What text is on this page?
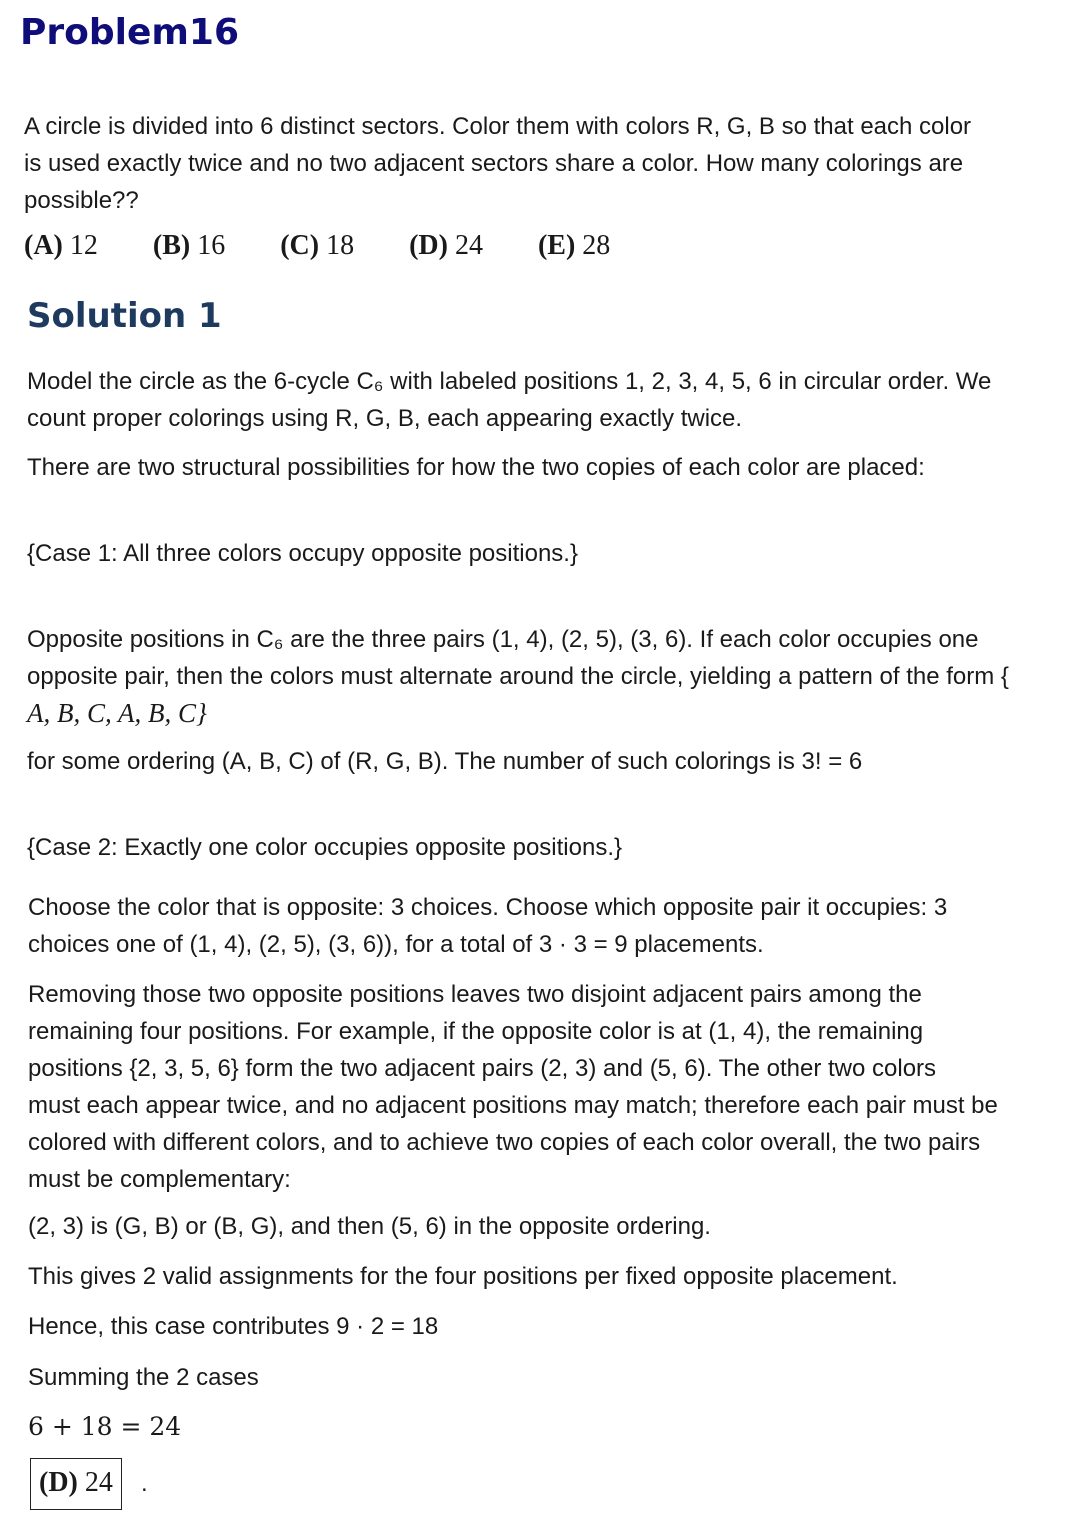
Problem16
A circle is divided into 6 distinct sectors. Color them with colors R, G, B so that each color
is used exactly twice and no two adjacent sectors share a color. How many colorings are
possible??
(A) 12 (B) 16 (C) 18 (D) 24 (E) 28
Solution 1
Model the circle as the 6-cycle C₆ with labeled positions 1, 2, 3, 4, 5, 6 in circular order. We
count proper colorings using R, G, B, each appearing exactly twice.
There are two structural possibilities for how the two copies of each color are placed:
{Case 1: All three colors occupy opposite positions.}
Opposite positions in C₆ are the three pairs (1, 4), (2, 5), (3, 6). If each color occupies one
opposite pair, then the colors must alternate around the circle, yielding a pattern of the form {
A, B, C, A, B, C}
for some ordering (A, B, C) of (R, G, B). The number of such colorings is 3! = 6
{Case 2: Exactly one color occupies opposite positions.}
Choose the color that is opposite: 3 choices. Choose which opposite pair it occupies: 3
choices one of (1, 4), (2, 5), (3, 6)), for a total of 3 · 3 = 9 placements.
Removing those two opposite positions leaves two disjoint adjacent pairs among the
remaining four positions. For example, if the opposite color is at (1, 4), the remaining
positions {2, 3, 5, 6} form the two adjacent pairs (2, 3) and (5, 6). The other two colors
must each appear twice, and no adjacent positions may match; therefore each pair must be
colored with different colors, and to achieve two copies of each color overall, the two pairs
must be complementary:
(2, 3) is (G, B) or (B, G), and then (5, 6) in the opposite ordering.
This gives 2 valid assignments for the four positions per fixed opposite placement.
Hence, this case contributes 9 · 2 = 18
Summing the 2 cases
6 + 18 = 24
(D) 24	.
